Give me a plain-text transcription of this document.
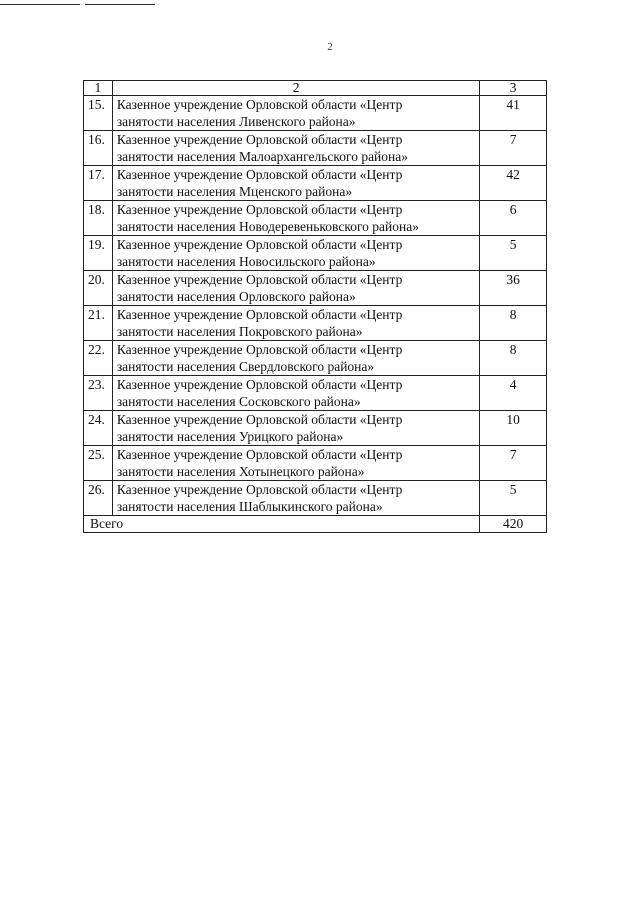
2
1	2	3
15.	Казенное учреждение Орловской области «Центр
занятости населения Ливенского района»	41
16.	Казенное учреждение Орловской области «Центр
занятости населения Малоархангельского района»	7
17.	Казенное учреждение Орловской области «Центр
занятости населения Мценского района»	42
18.	Казенное учреждение Орловской области «Центр
занятости населения Новодеревеньковского района»	6
19.	Казенное учреждение Орловской области «Центр
занятости населения Новосильского района»	5
20.	Казенное учреждение Орловской области «Центр
занятости населения Орловского района»	36
21.	Казенное учреждение Орловской области «Центр
занятости населения Покровского района»	8
22.	Казенное учреждение Орловской области «Центр
занятости населения Свердловского района»	8
23.	Казенное учреждение Орловской области «Центр
занятости населения Сосковского района»	4
24.	Казенное учреждение Орловской области «Центр
занятости населения Урицкого района»	10
25.	Казенное учреждение Орловской области «Центр
занятости населения Хотынецкого района»	7
26.	Казенное учреждение Орловской области «Центр
занятости населения Шаблыкинского района»	5
Всего		420
